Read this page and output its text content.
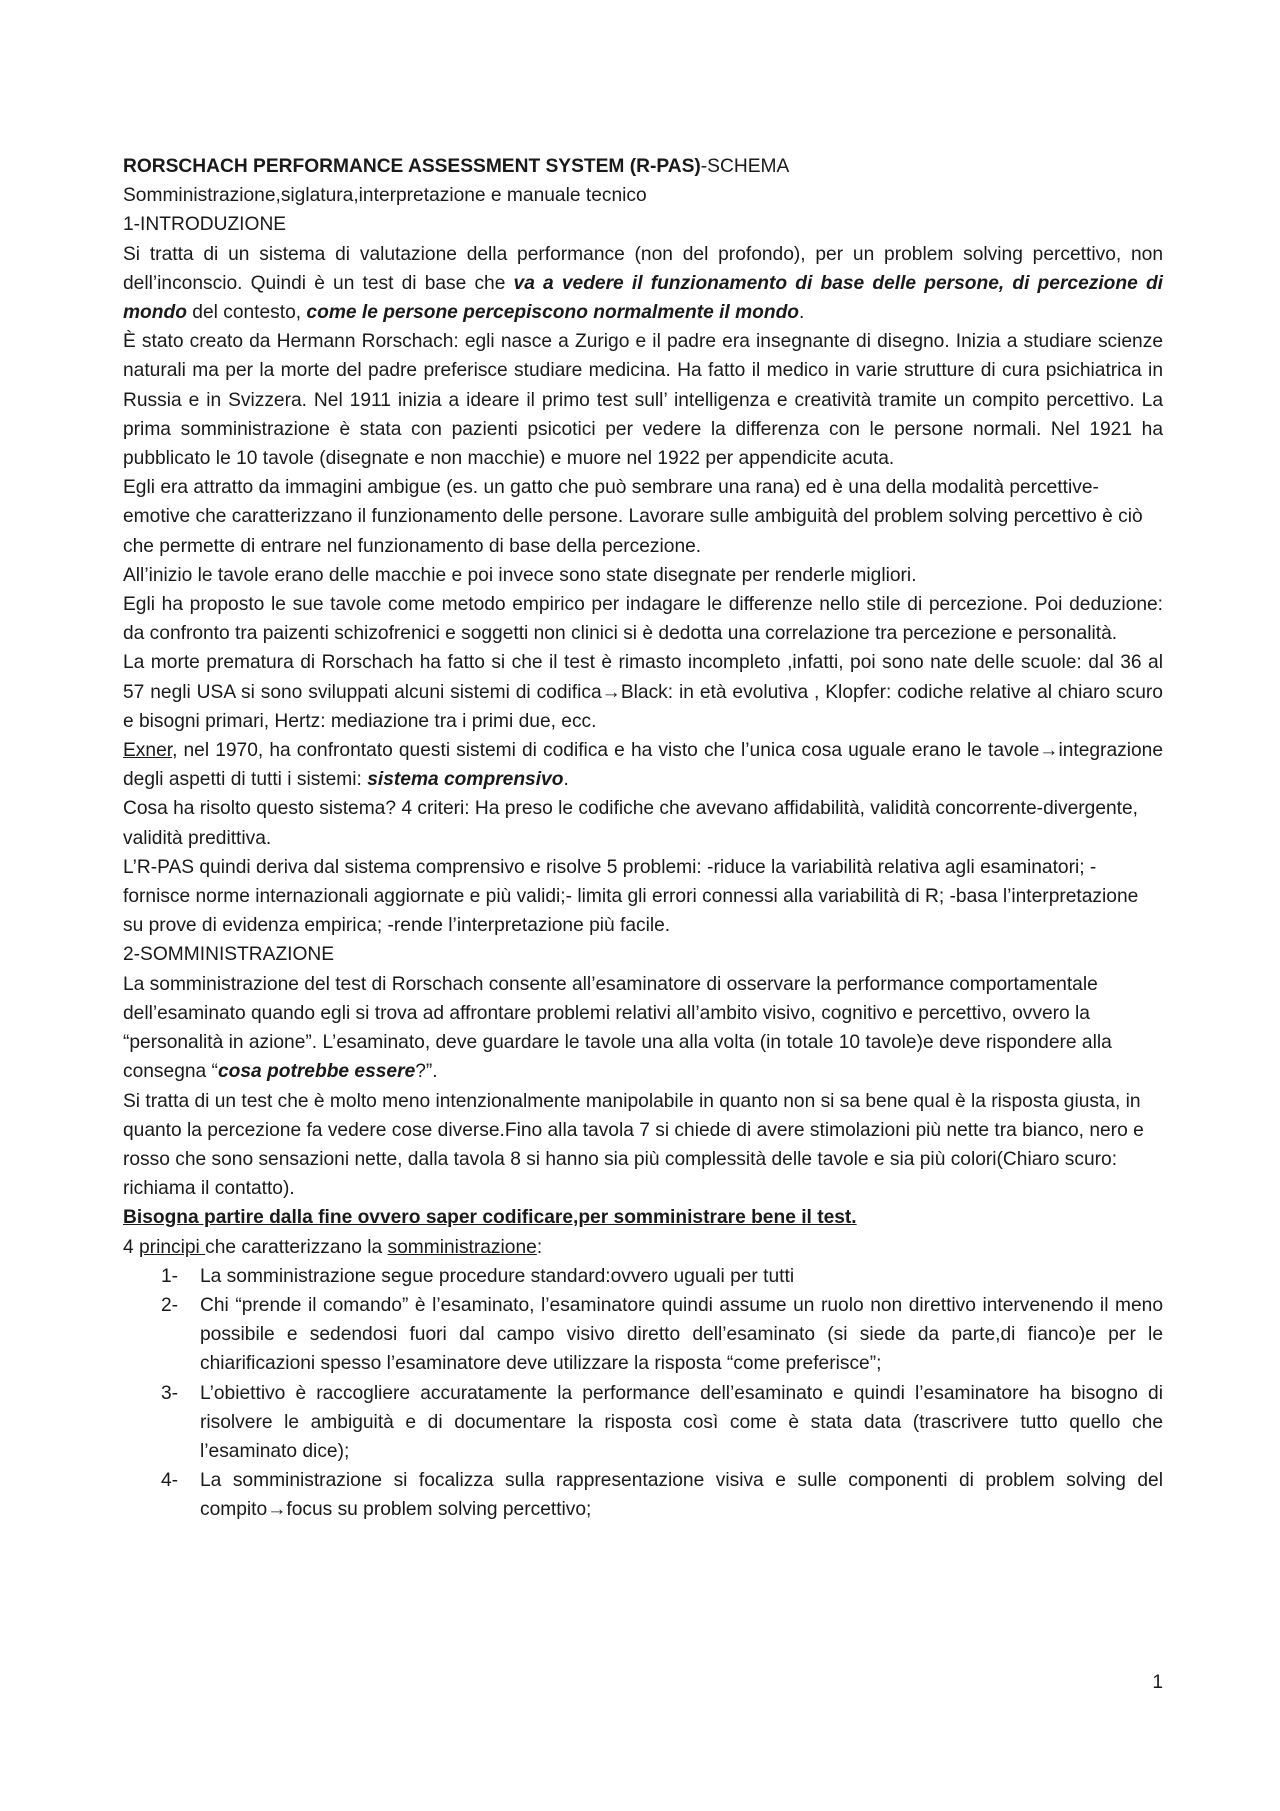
RORSCHACH PERFORMANCE ASSESSMENT SYSTEM (R-PAS)-SCHEMA

Somministrazione,siglatura,interpretazione e manuale tecnico

1-INTRODUZIONE

Si tratta di un sistema di valutazione della performance (non del profondo), per un problem solving percettivo, non dell’inconscio. Quindi è un test di base che va a vedere il funzionamento di base delle persone, di percezione di mondo del contesto, come le persone percepiscono normalmente il mondo.

È stato creato da Hermann Rorschach: egli nasce a Zurigo e il padre era insegnante di disegno. Inizia a studiare scienze naturali ma per la morte del padre preferisce studiare medicina. Ha fatto il medico in varie strutture di cura psichiatrica in Russia e in Svizzera. Nel 1911 inizia a ideare il primo test sull’ intelligenza e creatività tramite un compito percettivo. La prima somministrazione è stata con pazienti psicotici per vedere la differenza con le persone normali. Nel 1921 ha pubblicato le 10 tavole (disegnate e non macchie) e muore nel 1922 per appendicite acuta.

Egli era attratto da immagini ambigue (es. un gatto che può sembrare una rana) ed è una della modalità percettive-emotive che caratterizzano il funzionamento delle persone. Lavorare sulle ambiguità del problem solving percettivo è ciò che permette di entrare nel funzionamento di base della percezione.

All’inizio le tavole erano delle macchie e poi invece sono state disegnate per renderle migliori.

Egli ha proposto le sue tavole come metodo empirico per indagare le differenze nello stile di percezione. Poi deduzione: da confronto tra paizenti schizofrenici e soggetti non clinici si è dedotta una correlazione tra percezione e personalità.

La morte prematura di Rorschach ha fatto si che il test è rimasto incompleto ,infatti, poi sono nate delle scuole: dal 36 al 57 negli USA si sono sviluppati alcuni sistemi di codifica→Black: in età evolutiva , Klopfer: codiche relative al chiaro scuro e bisogni primari, Hertz: mediazione tra i primi due, ecc.

Exner, nel 1970, ha confrontato questi sistemi di codifica e ha visto che l’unica cosa uguale erano le tavole→integrazione degli aspetti di tutti i sistemi: sistema comprensivo.

Cosa ha risolto questo sistema? 4 criteri: Ha preso le codifiche che avevano affidabilità, validità concorrente-divergente, validità predittiva.

L’R-PAS quindi deriva dal sistema comprensivo e risolve 5 problemi: -riduce la variabilità relativa agli esaminatori; -fornisce norme internazionali aggiornate e più validi;- limita gli errori connessi alla variabilità di R; -basa l’interpretazione su prove di evidenza empirica; -rende l’interpretazione più facile.

2-SOMMINISTRAZIONE

La somministrazione del test di Rorschach consente all’esaminatore di osservare la performance comportamentale dell’esaminato quando egli si trova ad affrontare problemi relativi all’ambito visivo, cognitivo e percettivo, ovvero la “personalità in azione”. L’esaminato, deve guardare le tavole una alla volta (in totale 10 tavole)e deve rispondere alla consegna “cosa potrebbe essere?”.

Si tratta di un test che è molto meno intenzionalmente manipolabile in quanto non si sa bene qual è la risposta giusta, in quanto la percezione fa vedere cose diverse.Fino alla tavola 7 si chiede di avere stimolazioni più nette tra bianco, nero e rosso che sono sensazioni nette, dalla tavola 8 si hanno sia più complessità delle tavole e sia più colori(Chiaro scuro: richiama il contatto).

Bisogna partire dalla fine ovvero saper codificare,per somministrare bene il test.

4 principi che caratterizzano la somministrazione:

1- La somministrazione segue procedure standard:ovvero uguali per tutti

2- Chi “prende il comando” è l’esaminato, l’esaminatore quindi assume un ruolo non direttivo intervenendo il meno possibile e sedendosi fuori dal campo visivo diretto dell’esaminato (si siede da parte,di fianco)e per le chiarificazioni spesso l’esaminatore deve utilizzare la risposta “come preferisce”;

3- L’obiettivo è raccogliere accuratamente la performance dell’esaminato e quindi l’esaminatore ha bisogno di risolvere le ambiguità e di documentare la risposta così come è stata data (trascrivere tutto quello che l’esaminato dice);

4- La somministrazione si focalizza sulla rappresentazione visiva e sulle componenti di problem solving del compito→focus su problem solving percettivo;

1
